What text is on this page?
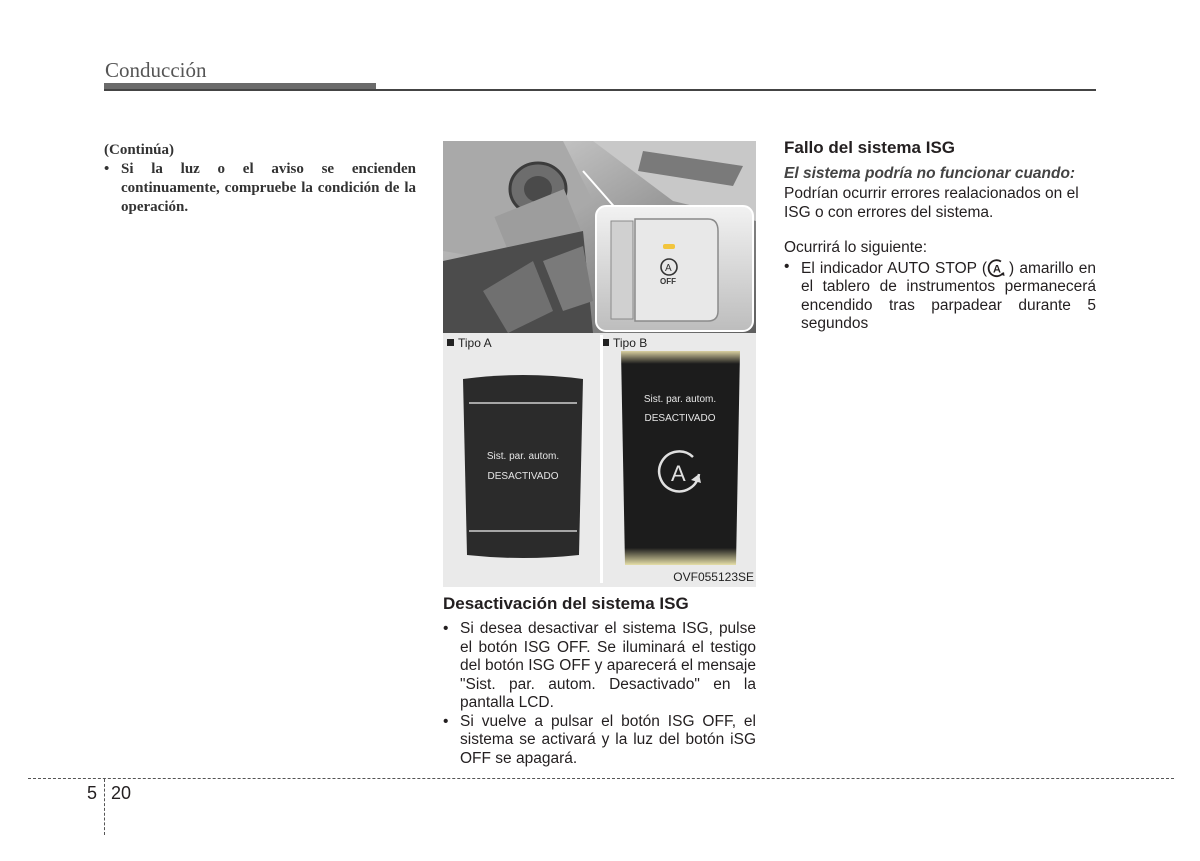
Conducción
(Continúa)
• Si la luz o el aviso se encienden continuamente, compruebe la condición de la operación.
A
OFF
Tipo A	Tipo B
Sist. par. autom.
DESACTIVADO
Sist. par. autom.
DESACTIVADO
A
OVF055123SE
Desactivación del sistema ISG
• Si desea desactivar el sistema ISG, pulse el botón ISG OFF. Se iluminará el testigo del botón ISG OFF y aparecerá el mensaje "Sist. par. autom. Desactivado" en la pantalla LCD.
• Si vuelve a pulsar el botón ISG OFF, el sistema se activará y la luz del botón iSG OFF se apagará.
Fallo del sistema ISG
El sistema podría no funcionar cuando:
Podrían ocurrir errores realacionados on el ISG o con errores del sistema.
Ocurrirá lo siguiente:
• El indicador AUTO STOP ( A ) amarillo en el tablero de instrumentos permanecerá encendido tras parpadear durante 5 segundos
5 20
